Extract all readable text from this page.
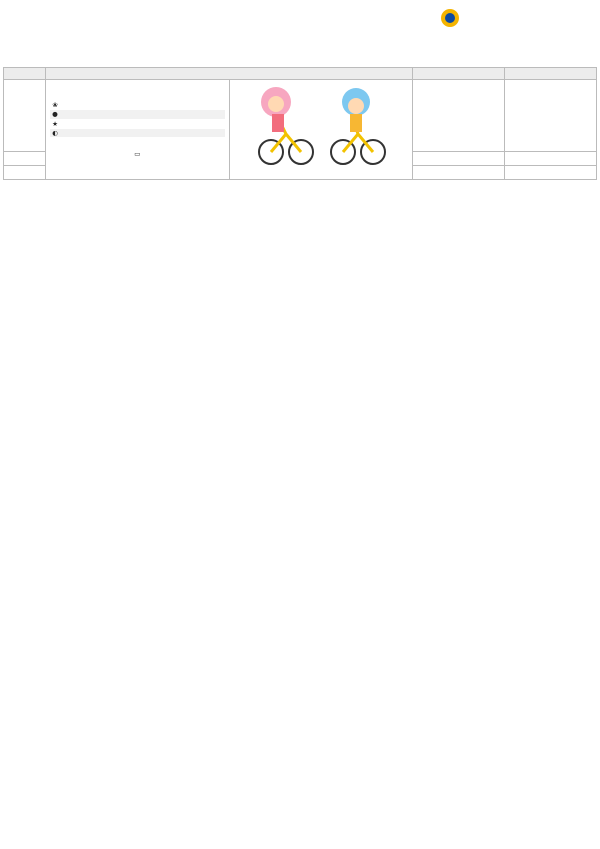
	❀
●
★
◐
▭
